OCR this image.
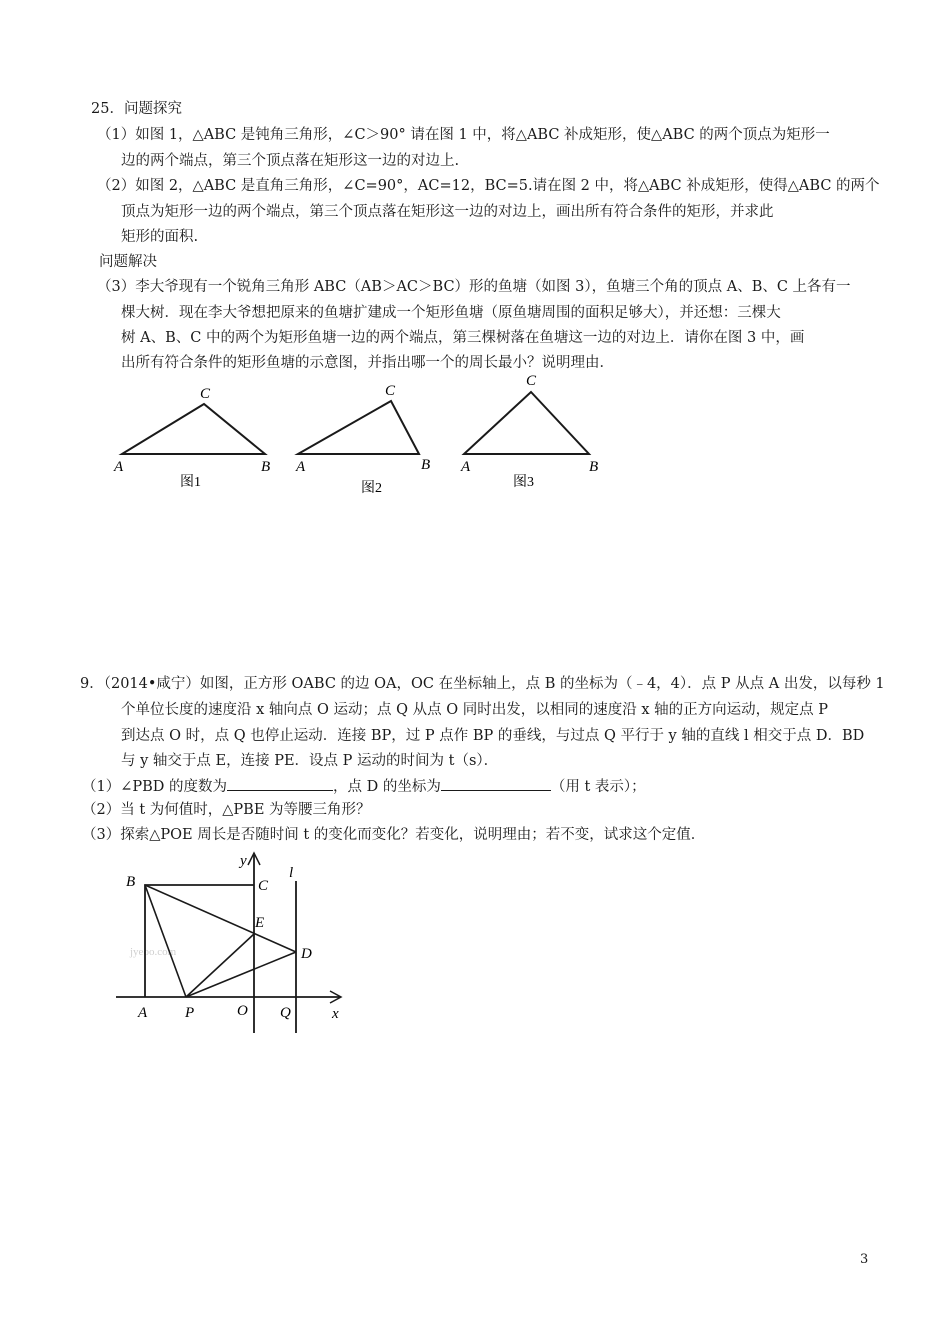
25．问题探究
（1）如图 1，△ABC 是钝角三角形，∠C＞90° 请在图 1 中，将△ABC 补成矩形，使△ABC 的两个顶点为矩形一
边的两个端点，第三个顶点落在矩形这一边的对边上.
（2）如图 2，△ABC 是直角三角形，∠C=90°，AC=12，BC=5.请在图 2 中，将△ABC 补成矩形，使得△ABC 的两个
顶点为矩形一边的两个端点，第三个顶点落在矩形这一边的对边上，画出所有符合条件的矩形，并求此
矩形的面积.
问题解决
（3）李大爷现有一个锐角三角形 ABC（AB＞AC＞BC）形的鱼塘（如图 3），鱼塘三个角的顶点 A、B、C 上各有一
棵大树．现在李大爷想把原来的鱼塘扩建成一个矩形鱼塘（原鱼塘周围的面积足够大），并还想：三棵大
树 A、B、C 中的两个为矩形鱼塘一边的两个端点，第三棵树落在鱼塘这一边的对边上．请你在图 3 中，画
出所有符合条件的矩形鱼塘的示意图，并指出哪一个的周长最小？说明理由．
A	B
C
图1
A	B
C
图2
A	B
C
图3
9．（2014•咸宁）如图，正方形 OABC 的边 OA，OC 在坐标轴上，点 B 的坐标为（﹣4，4）．点 P 从点 A 出发，以每秒 1
个单位长度的速度沿 x 轴向点 O 运动；点 Q 从点 O 同时出发，以相同的速度沿 x 轴的正方向运动，规定点 P
到达点 O 时，点 Q 也停止运动．连接 BP，过 P 点作 BP 的垂线，与过点 Q 平行于 y 轴的直线 l 相交于点 D．BD
与 y 轴交于点 E，连接 PE．设点 P 运动的时间为 t（s）．
（1）∠PBD 的度数为	，点 D 的坐标为	（用 t 表示）；
（2）当 t 为何值时，△PBE 为等腰三角形？
（3）探索△POE 周长是否随时间 t 的变化而变化？若变化，说明理由；若不变，试求这个定值．
jyeoo.com
B	C
E
D
A	P	O Q	x
y
l
3
